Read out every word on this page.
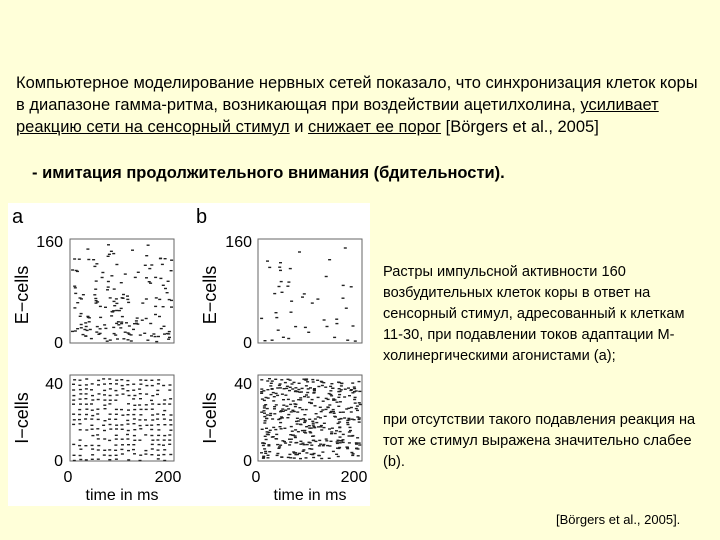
Компьютерное моделирование нервных сетей показало, что синхронизация клеток коры в диапазоне гамма-ритма, возникающая при воздействии ацетилхолина, усиливает реакцию сети на сенсорный стимул и снижает ее порог [Börgers et al., 2005]

- имитация продолжительного внимания (бдительности).

a	b
E−cells
I−cells
E−cells
I−cells
160
0
40
0
160
0
40
0
0	200	0	200
time in ms	time in ms

Растры импульсной активности 160 возбудительных клеток коры в ответ на сенсорный стимул, адресованный к клеткам 11-30, при подавлении токов адаптации М-холинергическими агонистами (а);

при отсутствии такого подавления реакция на тот же стимул выражена значительно слабее (b).

[Börgers et al., 2005].
